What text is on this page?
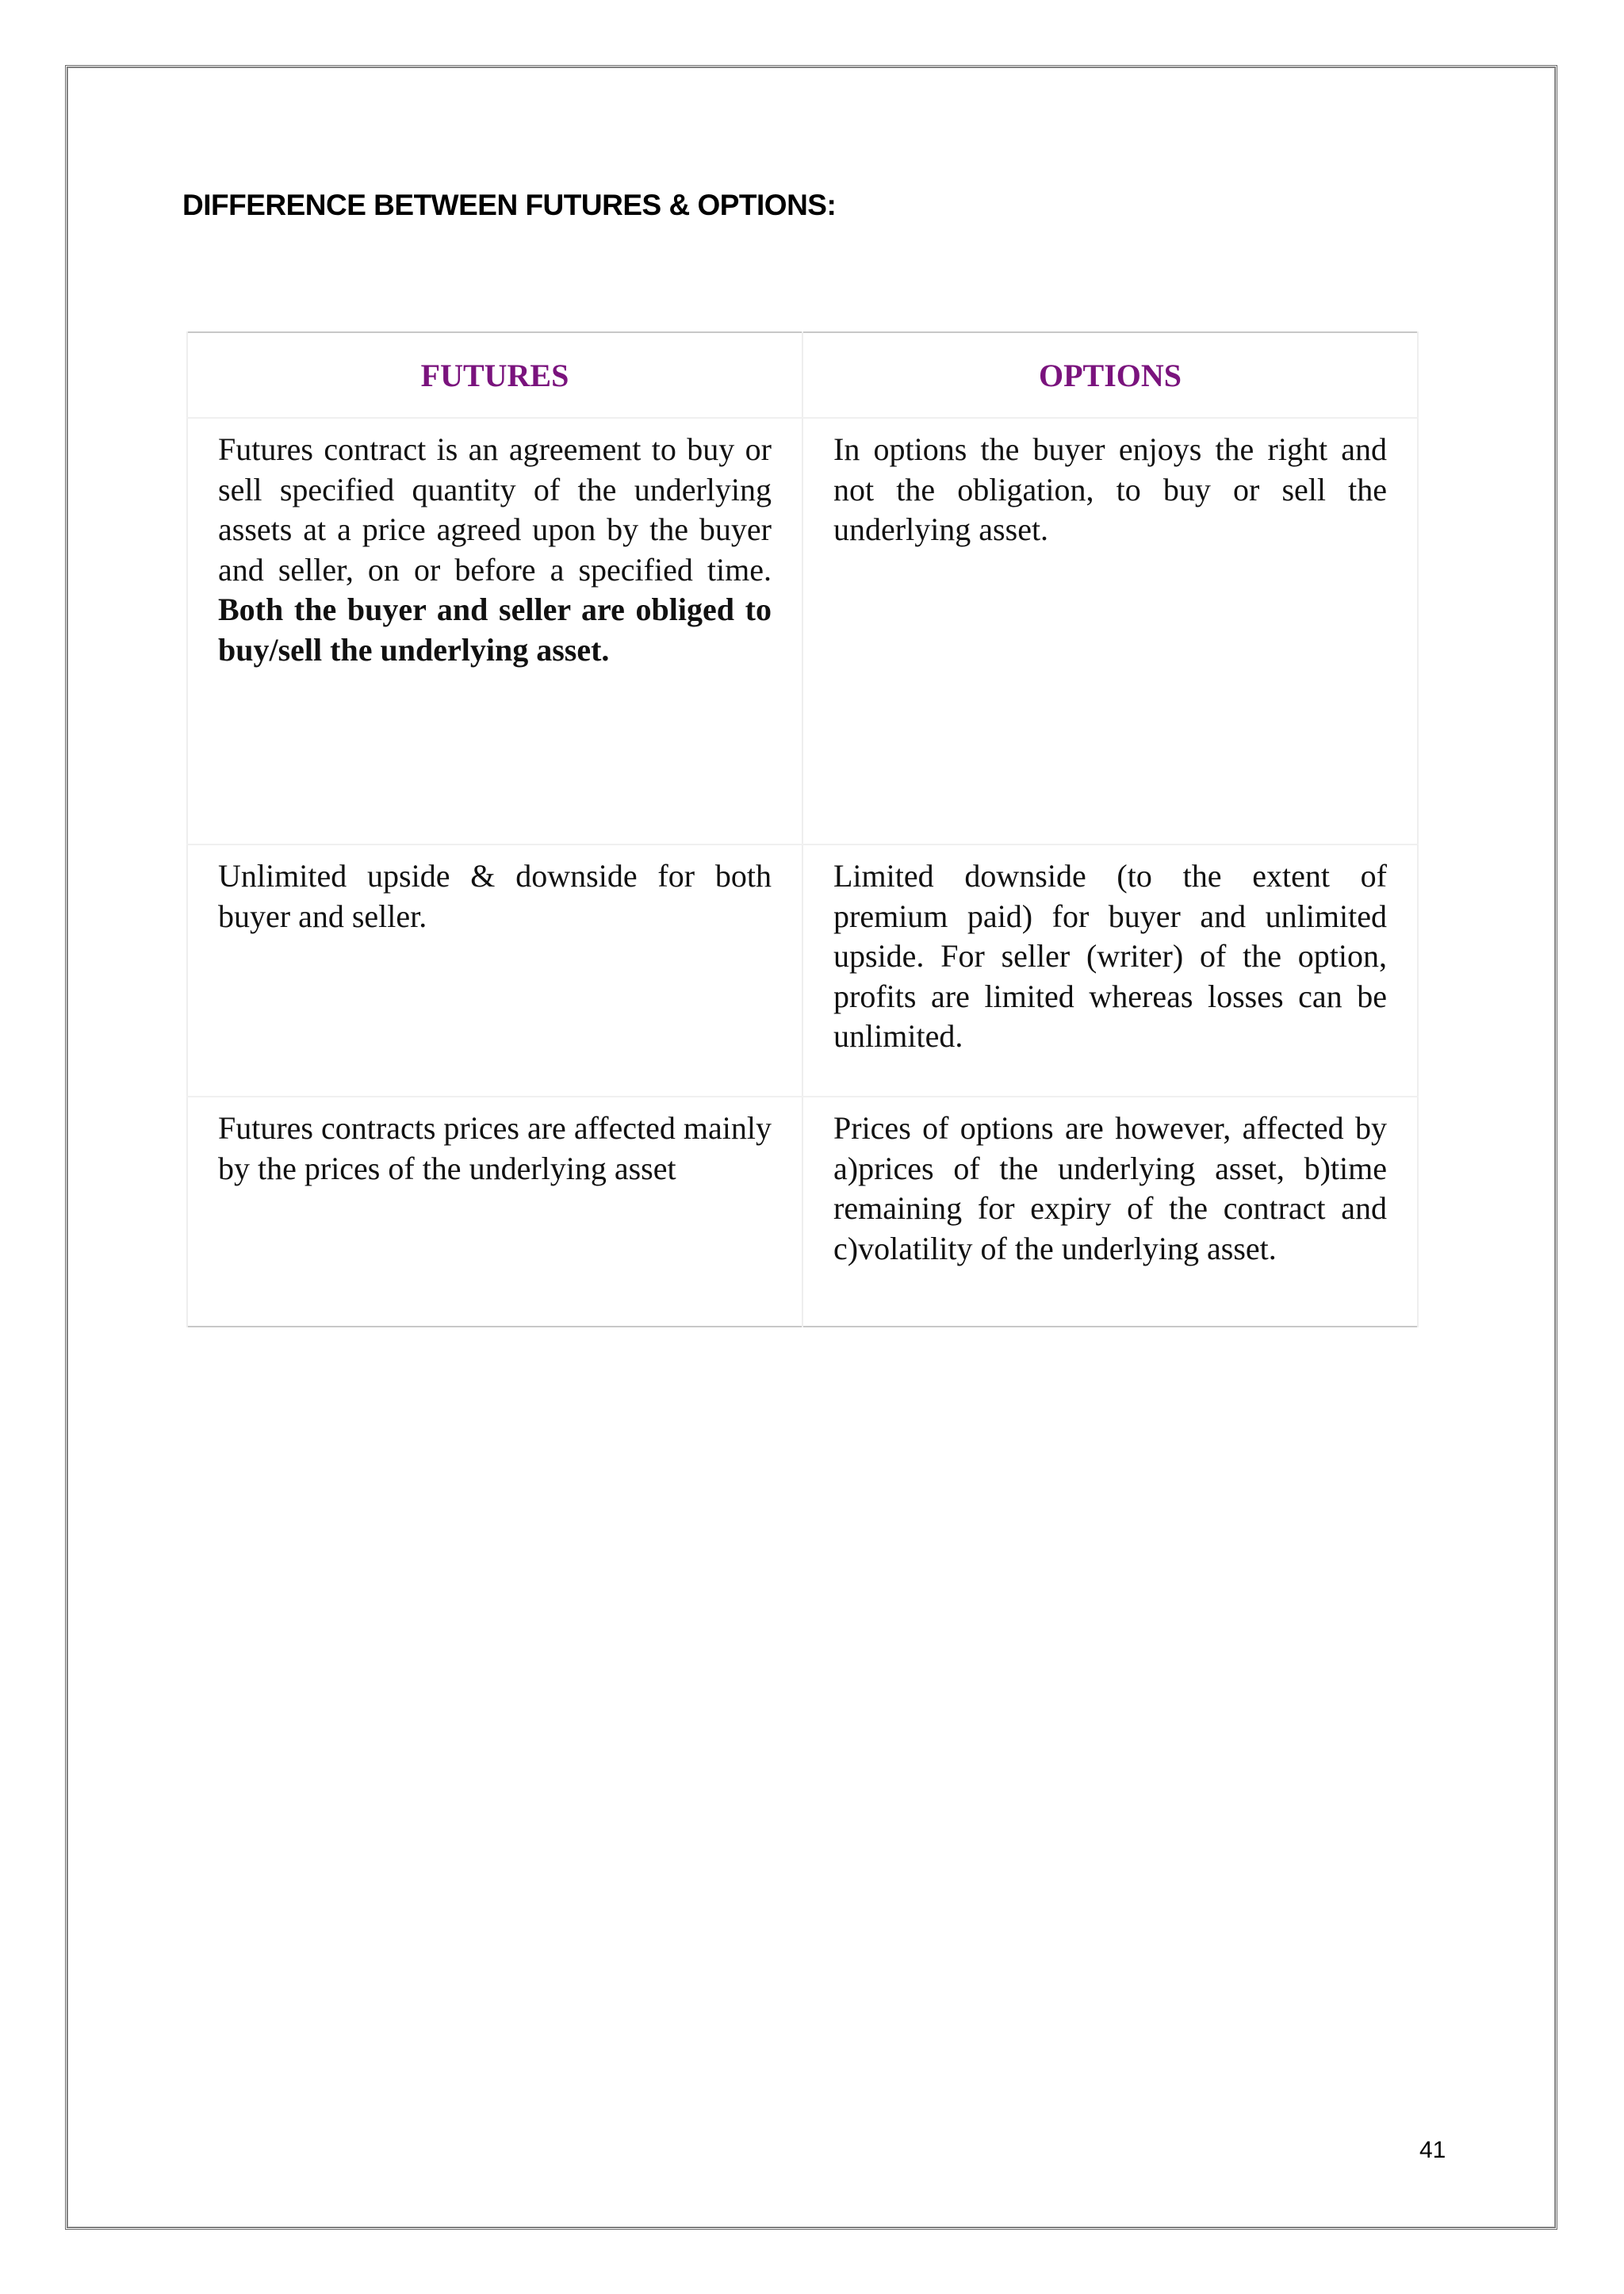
DIFFERENCE BETWEEN FUTURES & OPTIONS:
FUTURES	OPTIONS
Futures contract is an agreement to buy or sell specified quantity of the underlying assets at a price agreed upon by the buyer and seller, on or before a specified time. Both the buyer and seller are obliged to buy/sell the underlying asset.	In options the buyer enjoys the right and not the obligation, to buy or sell the underlying asset.
Unlimited upside & downside for both buyer and seller.	Limited downside (to the extent of premium paid) for buyer and unlimited upside. For seller (writer) of the option, profits are limited whereas losses can be unlimited.
Futures contracts prices are affected mainly by the prices of the underlying asset	Prices of options are however, affected by a)prices of the underlying asset, b)time remaining for expiry of the contract and c)volatility of the underlying asset.
41
